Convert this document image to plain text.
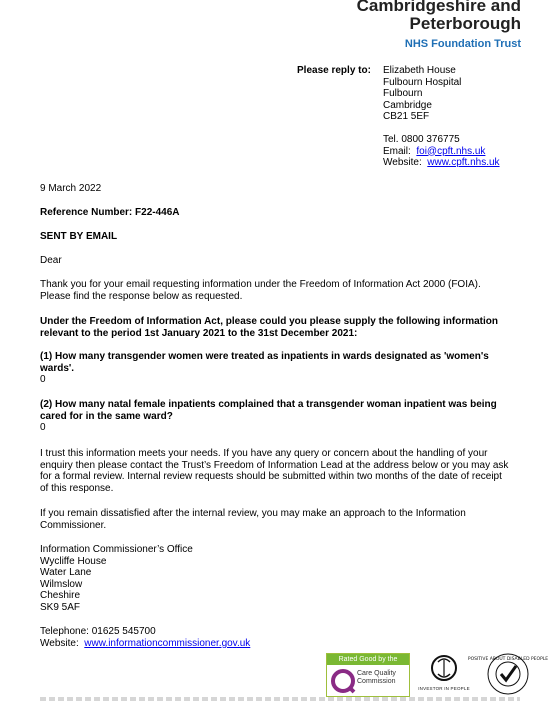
Cambridgeshire and
Peterborough
NHS Foundation Trust
Please reply to: Elizabeth House
Fulbourn Hospital
Fulbourn
Cambridge
CB21 5EF
Tel. 0800 376775
Email: foi@cpft.nhs.uk
Website: www.cpft.nhs.uk
9 March 2022
Reference Number: F22-446A
SENT BY EMAIL
Dear
Thank you for your email requesting information under the Freedom of Information Act 2000 (FOIA).
Please find the response below as requested.
Under the Freedom of Information Act, please could you please supply the following information
relevant to the period 1st January 2021 to the 31st December 2021:
(1) How many transgender women were treated as inpatients in wards designated as 'women's
wards'.
0
(2) How many natal female inpatients complained that a transgender woman inpatient was being
cared for in the same ward?
0
I trust this information meets your needs. If you have any query or concern about the handling of your
enquiry then please contact the Trust’s Freedom of Information Lead at the address below or you may ask
for a formal review. Internal review requests should be submitted within two months of the date of receipt
of this response.
If you remain dissatisfied after the internal review, you may make an approach to the Information
Commissioner.
Information Commissioner’s Office
Wycliffe House
Water Lane
Wilmslow
Cheshire
SK9 5AF
Telephone: 01625 545700
Website: www.informationcommissioner.gov.uk
Rated Good by the
Care Quality
Commission
INVESTOR IN PEOPLE
POSITIVE ABOUT DISABLED PEOPLE
